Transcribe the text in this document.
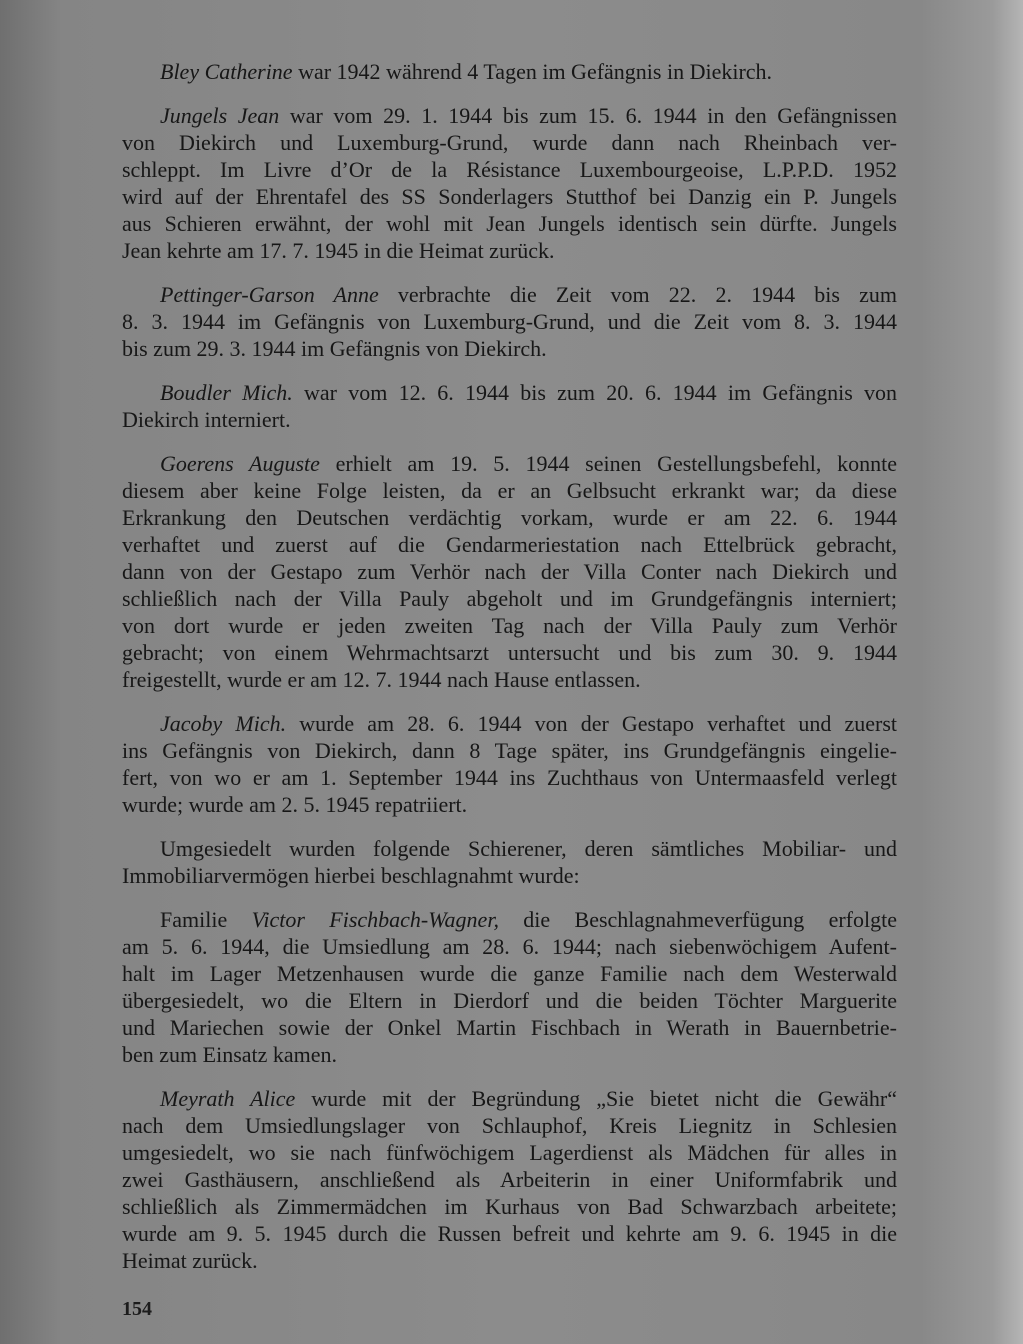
Bley Catherine war 1942 während 4 Tagen im Gefängnis in Diekirch.
Jungels Jean war vom 29. 1. 1944 bis zum 15. 6. 1944 in den Gefängnissen
von Diekirch und Luxemburg-Grund, wurde dann nach Rheinbach ver-
schleppt. Im Livre d’Or de la Résistance Luxembourgeoise, L.P.P.D. 1952
wird auf der Ehrentafel des SS Sonderlagers Stutthof bei Danzig ein P. Jungels
aus Schieren erwähnt, der wohl mit Jean Jungels identisch sein dürfte. Jungels
Jean kehrte am 17. 7. 1945 in die Heimat zurück.
Pettinger-Garson Anne verbrachte die Zeit vom 22. 2. 1944 bis zum
8. 3. 1944 im Gefängnis von Luxemburg-Grund, und die Zeit vom 8. 3. 1944
bis zum 29. 3. 1944 im Gefängnis von Diekirch.
Boudler Mich. war vom 12. 6. 1944 bis zum 20. 6. 1944 im Gefängnis von
Diekirch interniert.
Goerens Auguste erhielt am 19. 5. 1944 seinen Gestellungsbefehl, konnte
diesem aber keine Folge leisten, da er an Gelbsucht erkrankt war; da diese
Erkrankung den Deutschen verdächtig vorkam, wurde er am 22. 6. 1944
verhaftet und zuerst auf die Gendarmeriestation nach Ettelbrück gebracht,
dann von der Gestapo zum Verhör nach der Villa Conter nach Diekirch und
schließlich nach der Villa Pauly abgeholt und im Grundgefängnis interniert;
von dort wurde er jeden zweiten Tag nach der Villa Pauly zum Verhör
gebracht; von einem Wehrmachtsarzt untersucht und bis zum 30. 9. 1944
freigestellt, wurde er am 12. 7. 1944 nach Hause entlassen.
Jacoby Mich. wurde am 28. 6. 1944 von der Gestapo verhaftet und zuerst
ins Gefängnis von Diekirch, dann 8 Tage später, ins Grundgefängnis eingelie-
fert, von wo er am 1. September 1944 ins Zuchthaus von Untermaasfeld verlegt
wurde; wurde am 2. 5. 1945 repatriiert.
Umgesiedelt wurden folgende Schierener, deren sämtliches Mobiliar- und
Immobiliarvermögen hierbei beschlagnahmt wurde:
Familie Victor Fischbach-Wagner, die Beschlagnahmeverfügung erfolgte
am 5. 6. 1944, die Umsiedlung am 28. 6. 1944; nach siebenwöchigem Aufent-
halt im Lager Metzenhausen wurde die ganze Familie nach dem Westerwald
übergesiedelt, wo die Eltern in Dierdorf und die beiden Töchter Marguerite
und Mariechen sowie der Onkel Martin Fischbach in Werath in Bauernbetrie-
ben zum Einsatz kamen.
Meyrath Alice wurde mit der Begründung „Sie bietet nicht die Gewähr“
nach dem Umsiedlungslager von Schlauphof, Kreis Liegnitz in Schlesien
umgesiedelt, wo sie nach fünfwöchigem Lagerdienst als Mädchen für alles in
zwei Gasthäusern, anschließend als Arbeiterin in einer Uniformfabrik und
schließlich als Zimmermädchen im Kurhaus von Bad Schwarzbach arbeitete;
wurde am 9. 5. 1945 durch die Russen befreit und kehrte am 9. 6. 1945 in die
Heimat zurück.
154
